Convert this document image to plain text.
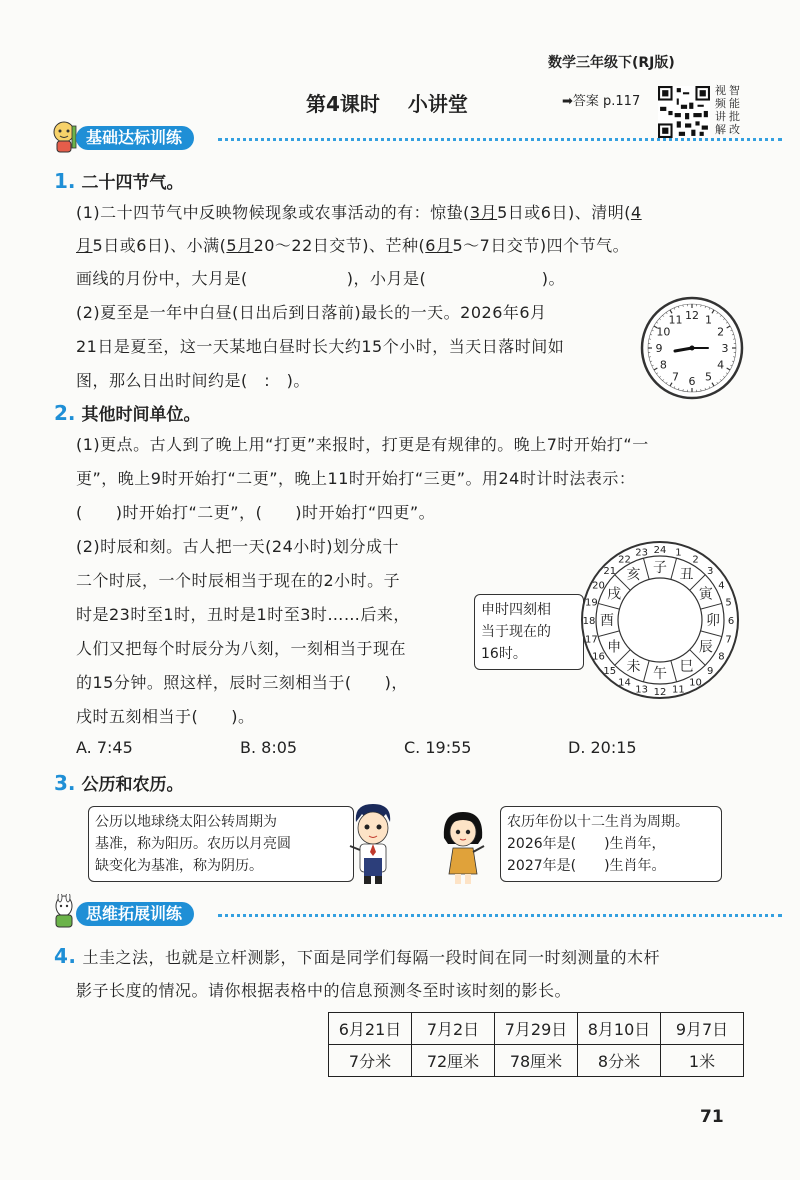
数学三年级下(RJ版)
第4课时 小讲堂	➡答案 p.117
视
频
讲
解
智
能
批
改
基础达标训练
1. 二十四节气。
(1)二十四节气中反映物候现象或农事活动的有：惊蛰(3月5日或6日)、清明(4
月5日或6日)、小满(5月20～22日交节)、芒种(6月5～7日交节)四个节气。
画线的月份中，大月是(　　　　　　)，小月是(　　　　　　　)。
(2)夏至是一年中白昼(日出后到日落前)最长的一天。2026年6月
21日是夏至，这一天某地白昼时长大约15个小时，当天日落时间如
图，那么日出时间约是(　:　)。
12 1
2
3
4
5
6
7
8
9
10
11
2. 其他时间单位。
(1)更点。古人到了晚上用“打更”来报时，打更是有规律的。晚上7时开始打“一
更”，晚上9时开始打“二更”，晚上11时开始打“三更”。用24时计时法表示：
(　　)时开始打“二更”，(　　)时开始打“四更”。
(2)时辰和刻。古人把一天(24小时)划分成十
二个时辰，一个时辰相当于现在的2小时。子
时是23时至1时，丑时是1时至3时……后来，
人们又把每个时辰分为八刻，一刻相当于现在
的15分钟。照这样，辰时三刻相当于(　　)，
戌时五刻相当于(　　)。
申时四刻相
当于现在的
16时。
23 24 1
2
3
4
5
6
7
8
9
10
11
12
13
14
15
16
17
18
19
20
21
22 子 丑
寅
卯
辰
巳
午
未
申
酉
戌
亥
A. 7:45	B. 8:05	C. 19:55	D. 20:15
3. 公历和农历。
公历以地球绕太阳公转周期为
基准，称为阳历。农历以月亮圆
缺变化为基准，称为阴历。
农历年份以十二生肖为周期。
2026年是(　　)生肖年，
2027年是(　　)生肖年。
思维拓展训练
4. 土圭之法，也就是立杆测影，下面是同学们每隔一段时间在同一时刻测量的木杆
影子长度的情况。请你根据表格中的信息预测冬至时该时刻的影长。
6月21日	7月2日	7月29日	8月10日	9月7日
7分米	72厘米	78厘米	8分米	1米
71
